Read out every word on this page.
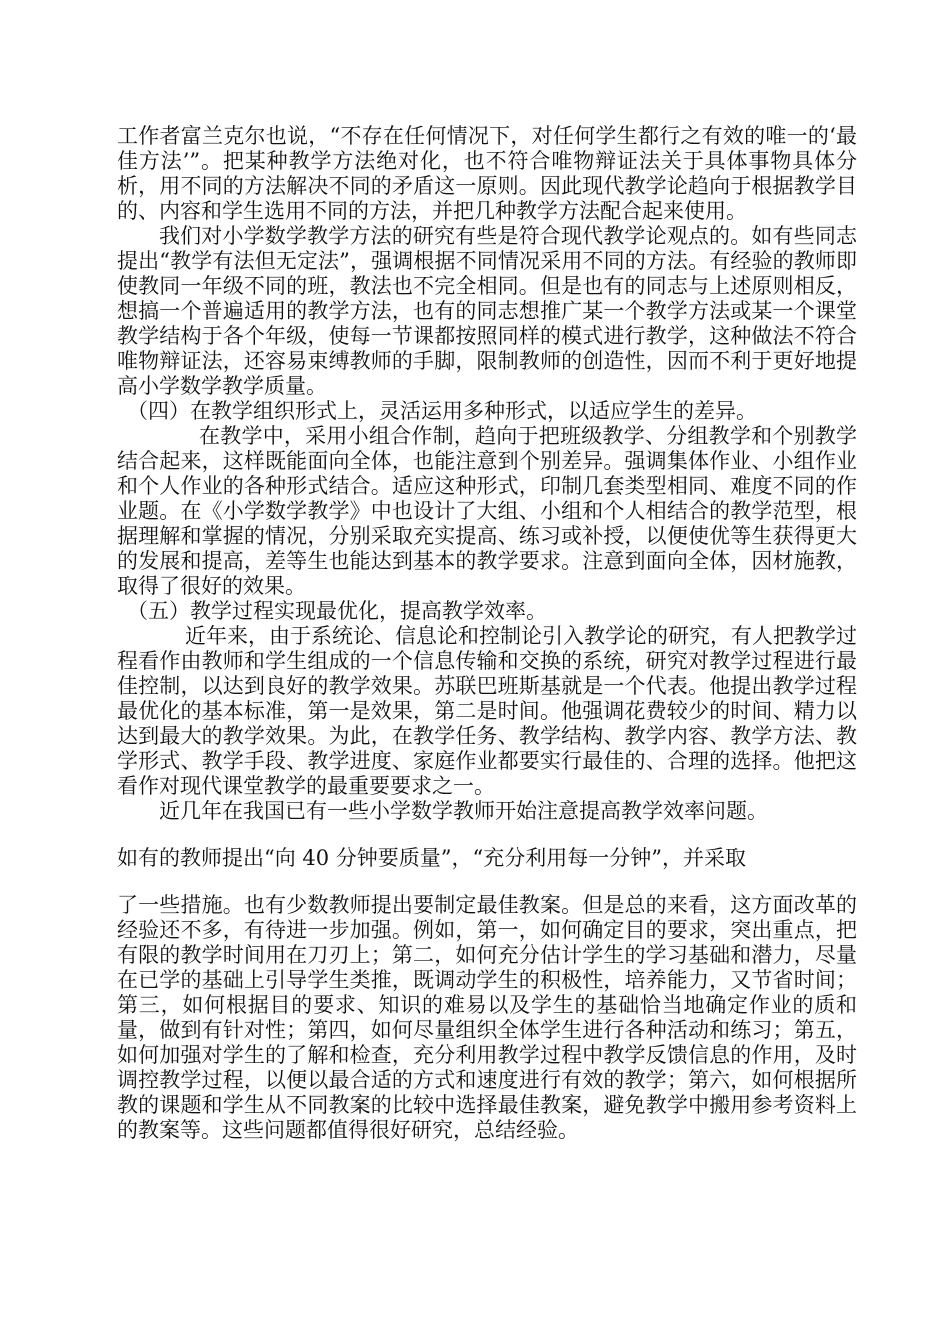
工作者富兰克尔也说，“不存在任何情况下，对任何学生都行之有效的唯一的‘最佳方法’”。把某种教学方法绝对化，也不符合唯物辩证法关于具体事物具体分析，用不同的方法解决不同的矛盾这一原则。因此现代教学论趋向于根据教学目的、内容和学生选用不同的方法，并把几种教学方法配合起来使用。

我们对小学数学教学方法的研究有些是符合现代教学论观点的。如有些同志提出“教学有法但无定法”，强调根据不同情况采用不同的方法。有经验的教师即使教同一年级不同的班，教法也不完全相同。但是也有的同志与上述原则相反，想搞一个普遍适用的教学方法，也有的同志想推广某一个教学方法或某一个课堂教学结构于各个年级，使每一节课都按照同样的模式进行教学，这种做法不符合唯物辩证法，还容易束缚教师的手脚，限制教师的创造性，因而不利于更好地提高小学数学教学质量。

（四）在教学组织形式上，灵活运用多种形式，以适应学生的差异。

在教学中，采用小组合作制，趋向于把班级教学、分组教学和个别教学结合起来，这样既能面向全体，也能注意到个别差异。强调集体作业、小组作业和个人作业的各种形式结合。适应这种形式，印制几套类型相同、难度不同的作业题。在《小学数学教学》中也设计了大组、小组和个人相结合的教学范型，根据理解和掌握的情况，分别采取充实提高、练习或补授，以便使优等生获得更大的发展和提高，差等生也能达到基本的教学要求。注意到面向全体，因材施教，取得了很好的效果。

（五）教学过程实现最优化，提高教学效率。

近年来，由于系统论、信息论和控制论引入教学论的研究，有人把教学过程看作由教师和学生组成的一个信息传输和交换的系统，研究对教学过程进行最佳控制，以达到良好的教学效果。苏联巴班斯基就是一个代表。他提出教学过程最优化的基本标准，第一是效果，第二是时间。他强调花费较少的时间、精力以达到最大的教学效果。为此，在教学任务、教学结构、教学内容、教学方法、教学形式、教学手段、教学进度、家庭作业都要实行最佳的、合理的选择。他把这看作对现代课堂教学的最重要要求之一。

近几年在我国已有一些小学数学教师开始注意提高教学效率问题。

如有的教师提出“向 40 分钟要质量”，“充分利用每一分钟”，并采取

了一些措施。也有少数教师提出要制定最佳教案。但是总的来看，这方面改革的经验还不多，有待进一步加强。例如，第一，如何确定目的要求，突出重点，把有限的教学时间用在刀刃上；第二，如何充分估计学生的学习基础和潜力，尽量在已学的基础上引导学生类推，既调动学生的积极性，培养能力，又节省时间；第三，如何根据目的要求、知识的难易以及学生的基础恰当地确定作业的质和量，做到有针对性；第四，如何尽量组织全体学生进行各种活动和练习；第五，如何加强对学生的了解和检查，充分利用教学过程中教学反馈信息的作用，及时调控教学过程，以便以最合适的方式和速度进行有效的教学；第六，如何根据所教的课题和学生从不同教案的比较中选择最佳教案，避免教学中搬用参考资料上的教案等。这些问题都值得很好研究，总结经验。
